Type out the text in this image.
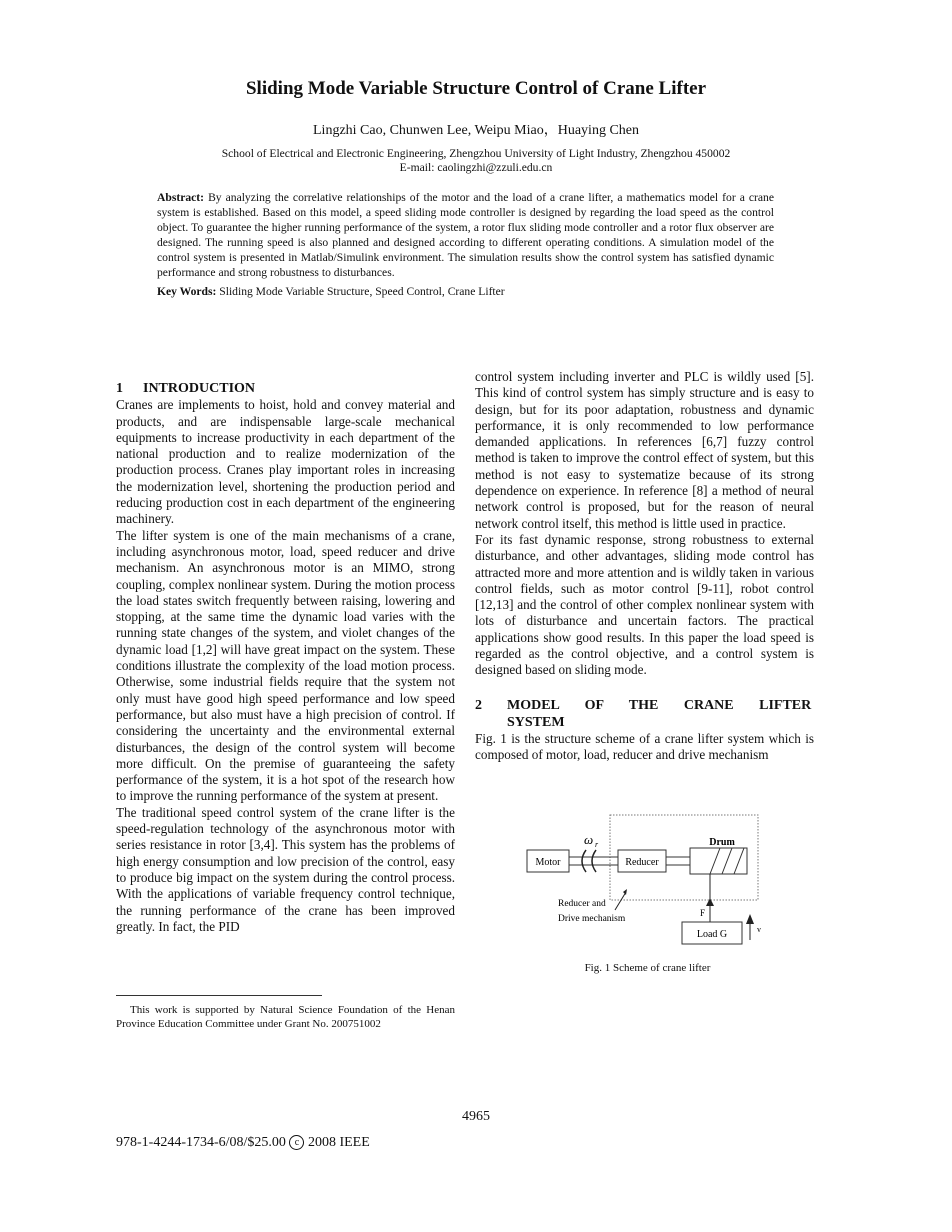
Sliding Mode Variable Structure Control of Crane Lifter
Lingzhi Cao, Chunwen Lee, Weipu Miao，Huaying Chen
School of Electrical and Electronic Engineering, Zhengzhou University of Light Industry, Zhengzhou 450002
E-mail: caolingzhi@zzuli.edu.cn
Abstract: By analyzing the correlative relationships of the motor and the load of a crane lifter, a mathematics model for a crane system is established. Based on this model, a speed sliding mode controller is designed by regarding the load speed as the control object. To guarantee the higher running performance of the system, a rotor flux sliding mode controller and a rotor flux observer are designed. The running speed is also planned and designed according to different operating conditions. A simulation model of the control system is presented in Matlab/Simulink environment. The simulation results show the control system has satisfied dynamic performance and strong robustness to disturbances.
Key Words: Sliding Mode Variable Structure, Speed Control, Crane Lifter
1 INTRODUCTION

Cranes are implements to hoist, hold and convey material and products, and are indispensable large-scale mechanical equipments to increase productivity in each department of the national production and to realize modernization of the production process. Cranes play important roles in increasing the modernization level, shortening the production period and reducing production cost in each department of the engineering machinery.

The lifter system is one of the main mechanisms of a crane, including asynchronous motor, load, speed reducer and drive mechanism. An asynchronous motor is an MIMO, strong coupling, complex nonlinear system. During the motion process the load states switch frequently between raising, lowering and stopping, at the same time the dynamic load varies with the running state changes of the system, and violet changes of the dynamic load [1,2] will have great impact on the system. These conditions illustrate the complexity of the load motion process. Otherwise, some industrial fields require that the system not only must have good high speed performance and low speed performance, but also must have a high precision of control. If considering the uncertainty and the environmental external disturbances, the design of the control system will become more difficult. On the premise of guaranteeing the safety performance of the system, it is a hot spot of the research how to improve the running performance of the system at present.

The traditional speed control system of the crane lifter is the speed-regulation technology of the asynchronous motor with series resistance in rotor [3,4]. This system has the problems of high energy consumption and low precision of the control, easy to produce big impact on the system during the control process. With the applications of variable frequency control technique, the running performance of the crane has been improved greatly. In fact, the PID

control system including inverter and PLC is wildly used [5]. This kind of control system has simply structure and is easy to design, but for its poor adaptation, robustness and dynamic performance, it is only recommended to low performance demanded applications. In references [6,7] fuzzy control method is taken to improve the control effect of system, but this method is not easy to systematize because of its strong dependence on experience. In reference [8] a method of neural network control is proposed, but for the reason of neural network control itself, this method is little used in practice.

For its fast dynamic response, strong robustness to external disturbance, and other advantages, sliding mode control has attracted more and more attention and is wildly taken in various control fields, such as motor control [9-11], robot control [12,13] and the control of other complex nonlinear system with lots of disturbance and uncertain factors. The practical applications show good results. In this paper the load speed is regarded as the control objective, and a control system is designed based on sliding mode.

2	MODEL OF THE CRANE LIFTER SYSTEM

Fig. 1 is the structure scheme of a crane lifter system which is composed of motor, load, reducer and drive mechanism

Motor
ω r
Reducer
Drum
F
Load G	v
Reducer and
Drive mechanism
Fig. 1 Scheme of crane lifter
This work is supported by Natural Science Foundation of the Henan Province Education Committee under Grant No. 200751002
4965
978-1-4244-1734-6/08/$25.00 c 2008 IEEE
